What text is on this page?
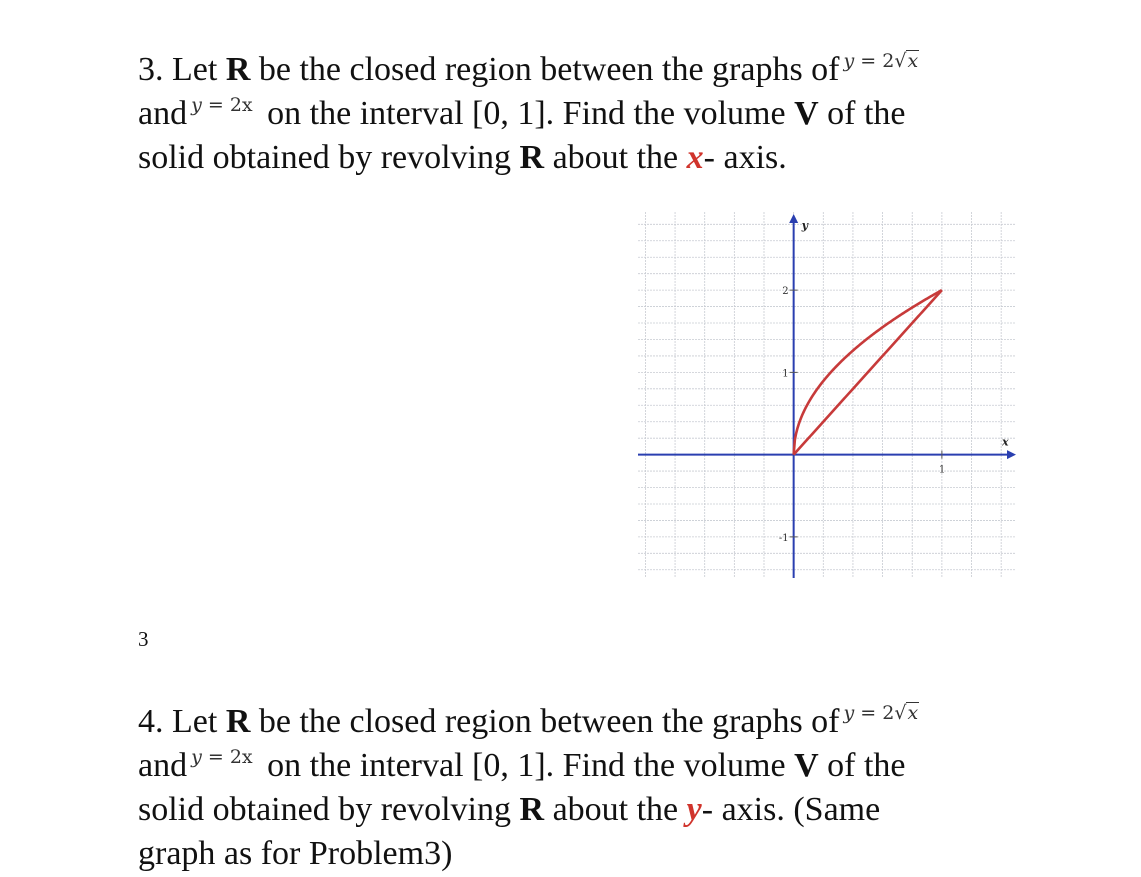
3. Let R be the closed region between the graphs of $^{y = 2√x}$
and $^{y = 2x}$ on the interval [0, 1]. Find the volume V of the
solid obtained by revolving R about the x- axis.
1
2
1
-1
x
y
3
4. Let R be the closed region between the graphs of $^{y = 2√x}$
and $^{y = 2x}$ on the interval [0, 1]. Find the volume V of the
solid obtained by revolving R about the y- axis. (Same
graph as for Problem3)
